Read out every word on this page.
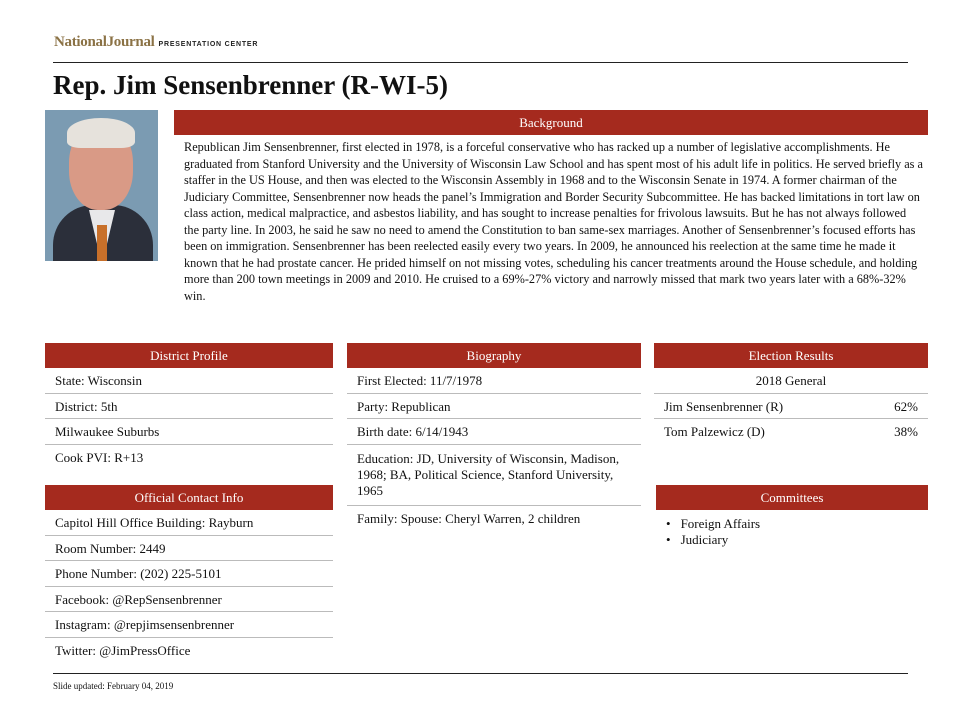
NationalJournal PRESENTATION CENTER
Rep. Jim Sensenbrenner (R-WI-5)
Background
Republican Jim Sensenbrenner, first elected in 1978, is a forceful conservative who has racked up a number of legislative accomplishments. He graduated from Stanford University and the University of Wisconsin Law School and has spent most of his adult life in politics. He served briefly as a staffer in the US House, and then was elected to the Wisconsin Assembly in 1968 and to the Wisconsin Senate in 1974. A former chairman of the Judiciary Committee, Sensenbrenner now heads the panel’s Immigration and Border Security Subcommittee. He has backed limitations in tort law on class action, medical malpractice, and asbestos liability, and has sought to increase penalties for frivolous lawsuits. But he has not always followed the party line. In 2003, he said he saw no need to amend the Constitution to ban same-sex marriages. Another of Sensenbrenner’s focused efforts has been on immigration. Sensenbrenner has been reelected easily every two years. In 2009, he announced his reelection at the same time he made it known that he had prostate cancer. He prided himself on not missing votes, scheduling his cancer treatments around the House schedule, and holding more than 200 town meetings in 2009 and 2010. He cruised to a 69%-27% victory and narrowly missed that mark two years later with a 68%-32% win.
District Profile
State: Wisconsin
District: 5th
Milwaukee Suburbs
Cook PVI: R+13
Official Contact Info
Capitol Hill Office Building: Rayburn
Room Number: 2449
Phone Number: (202) 225-5101
Facebook: @RepSensenbrenner
Instagram: @repjimsensenbrenner
Twitter: @JimPressOffice
Biography
First Elected: 11/7/1978
Party: Republican
Birth date: 6/14/1943
Education: JD, University of Wisconsin, Madison, 1968; BA, Political Science, Stanford University, 1965
Family: Spouse: Cheryl Warren, 2 children
Election Results
2018 General
Jim Sensenbrenner (R)	62%
Tom Palzewicz (D)	38%
Committees
• Foreign Affairs
• Judiciary
Slide updated: February 04, 2019
